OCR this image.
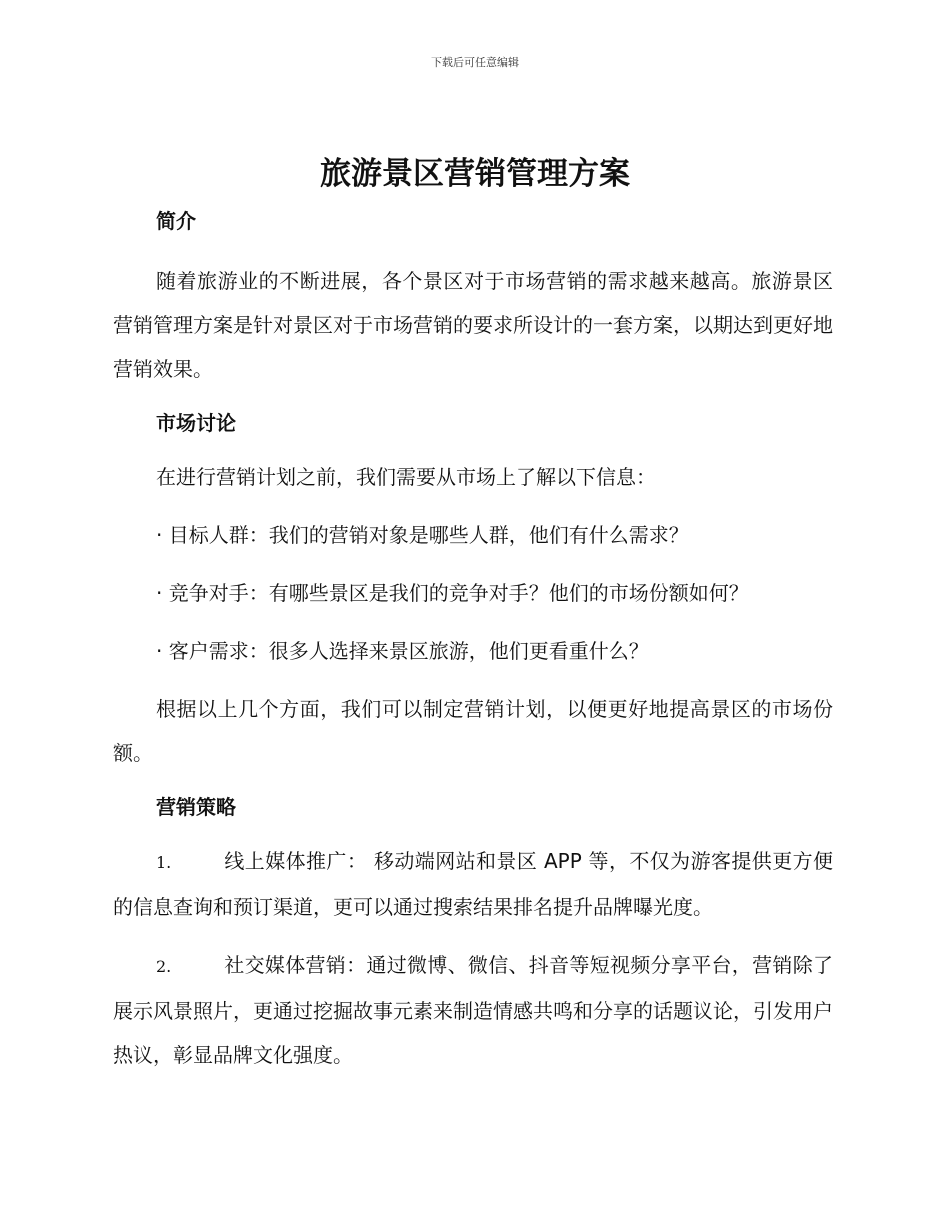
下载后可任意编辑
旅游景区营销管理方案
简介

随着旅游业的不断进展，各个景区对于市场营销的需求越来越高。旅游景区营销管理方案是针对景区对于市场营销的要求所设计的一套方案，以期达到更好地营销效果。

市场讨论

在进行营销计划之前，我们需要从市场上了解以下信息：

· 目标人群：我们的营销对象是哪些人群，他们有什么需求？
· 竞争对手：有哪些景区是我们的竞争对手？他们的市场份额如何？
· 客户需求：很多人选择来景区旅游，他们更看重什么？

根据以上几个方面，我们可以制定营销计划，以便更好地提高景区的市场份额。

营销策略

1.	线上媒体推广： 移动端网站和景区 APP 等，不仅为游客提供更方便的信息查询和预订渠道，更可以通过搜索结果排名提升品牌曝光度。

2.	社交媒体营销：通过微博、微信、抖音等短视频分享平台，营销除了展示风景照片，更通过挖掘故事元素来制造情感共鸣和分享的话题议论，引发用户热议，彰显品牌文化强度。
